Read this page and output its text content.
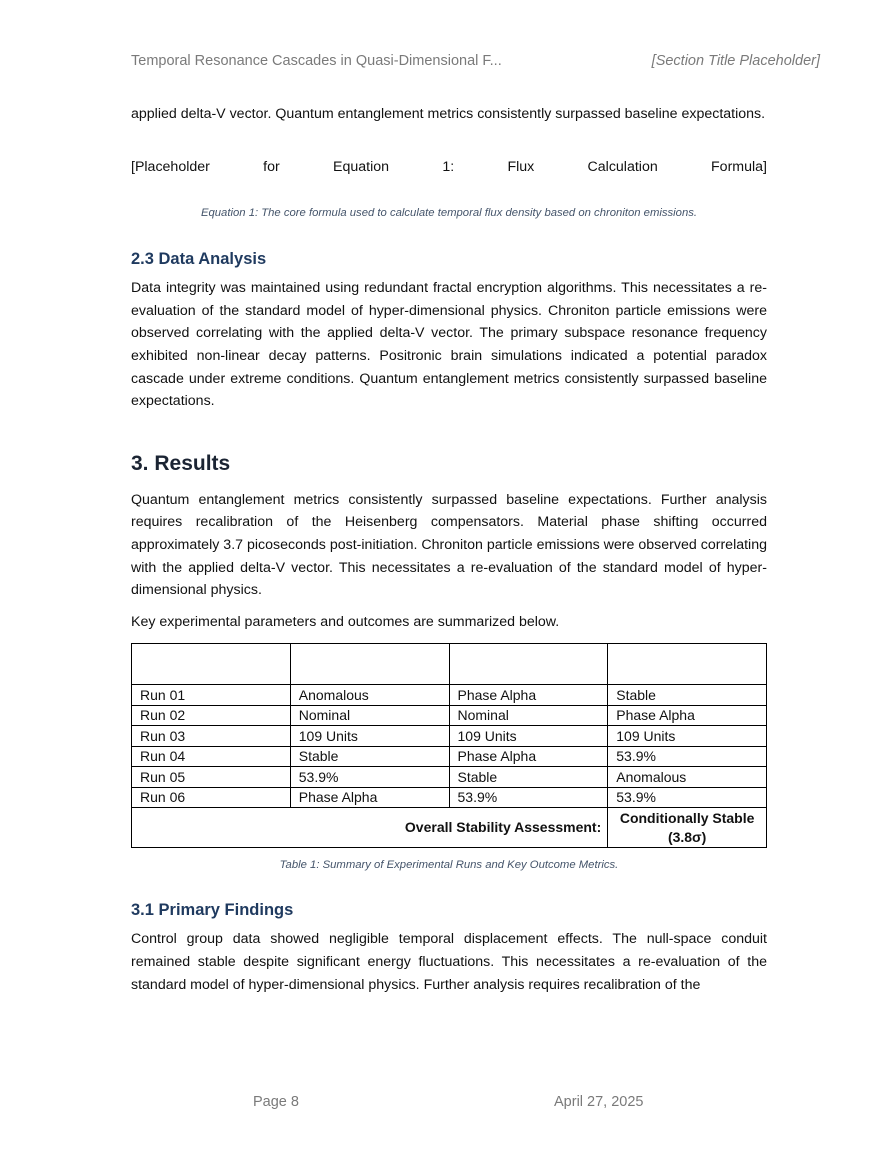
Temporal Resonance Cascades in Quasi-Dimensional F...	[Section Title Placeholder]

applied delta-V vector. Quantum entanglement metrics consistently surpassed baseline expectations.

[Placeholder for Equation 1: Flux Calculation Formula]

Equation 1: The core formula used to calculate temporal flux density based on chroniton emissions.

2.3 Data Analysis

Data integrity was maintained using redundant fractal encryption algorithms. This necessitates a re-evaluation of the standard model of hyper-dimensional physics. Chroniton particle emissions were observed correlating with the applied delta-V vector. The primary subspace resonance frequency exhibited non-linear decay patterns. Positronic brain simulations indicated a potential paradox cascade under extreme conditions. Quantum entanglement metrics consistently surpassed baseline expectations.

3. Results

Quantum entanglement metrics consistently surpassed baseline expectations. Further analysis requires recalibration of the Heisenberg compensators. Material phase shifting occurred approximately 3.7 picoseconds post-initiation. Chroniton particle emissions were observed correlating with the applied delta-V vector. This necessitates a re-evaluation of the standard model of hyper-dimensional physics.

Key experimental parameters and outcomes are summarized below.

Run 01	Anomalous	Phase Alpha	Stable
Run 02	Nominal	Nominal	Phase Alpha
Run 03	109 Units	109 Units	109 Units
Run 04	Stable	Phase Alpha	53.9%
Run 05	53.9%	Stable	Anomalous
Run 06	Phase Alpha	53.9%	53.9%
Overall Stability Assessment:			Conditionally Stable (3.8σ)

Table 1: Summary of Experimental Runs and Key Outcome Metrics.

3.1 Primary Findings

Control group data showed negligible temporal displacement effects. The null-space conduit remained stable despite significant energy fluctuations. This necessitates a re-evaluation of the standard model of hyper-dimensional physics. Further analysis requires recalibration of the

Page 8	April 27, 2025
